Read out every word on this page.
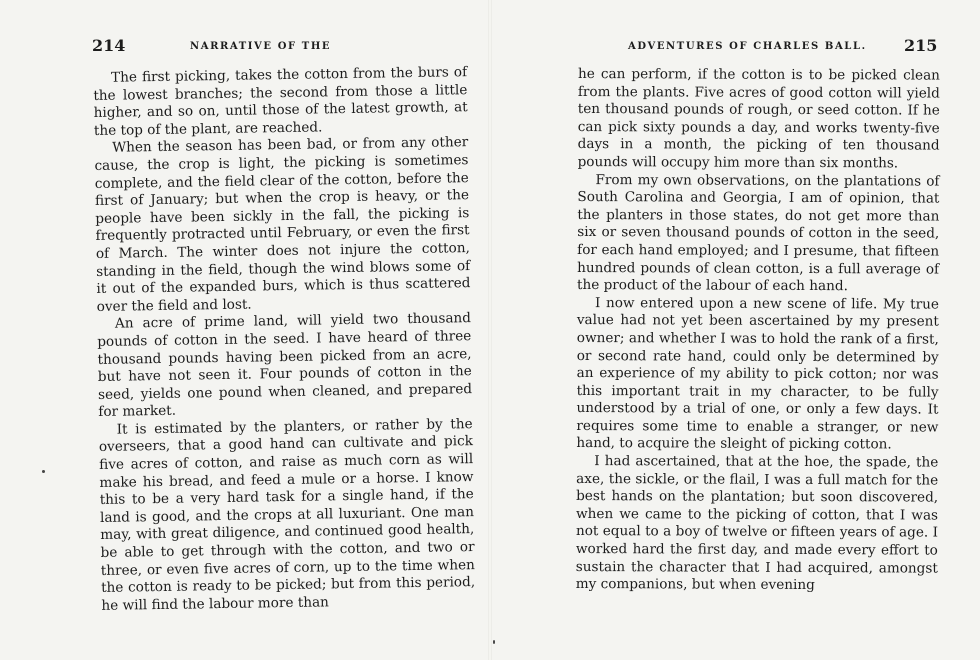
214	NARRATIVE OF THE

The first picking, takes the cotton from the burs of the lowest branches; the second from those a little higher, and so on, until those of the latest growth, at the top of the plant, are reached.

When the season has been bad, or from any other cause, the crop is light, the picking is sometimes complete, and the field clear of the cotton, before the first of January; but when the crop is heavy, or the people have been sickly in the fall, the picking is frequently protracted until February, or even the first of March. The winter does not injure the cotton, standing in the field, though the wind blows some of it out of the expanded burs, which is thus scattered over the field and lost.

An acre of prime land, will yield two thousand pounds of cotton in the seed. I have heard of three thousand pounds having been picked from an acre, but have not seen it. Four pounds of cotton in the seed, yields one pound when cleaned, and prepared for market.

It is estimated by the planters, or rather by the overseers, that a good hand can cultivate and pick five acres of cotton, and raise as much corn as will make his bread, and feed a mule or a horse. I know this to be a very hard task for a single hand, if the land is good, and the crops at all luxuriant. One man may, with great diligence, and continued good health, be able to get through with the cotton, and two or three, or even five acres of corn, up to the time when the cotton is ready to be picked; but from this period, he will find the labour more than

ADVENTURES OF CHARLES BALL. 215

he can perform, if the cotton is to be picked clean from the plants. Five acres of good cotton will yield ten thousand pounds of rough, or seed cotton. If he can pick sixty pounds a day, and works twenty-five days in a month, the picking of ten thousand pounds will occupy him more than six months.

From my own observations, on the plantations of South Carolina and Georgia, I am of opinion, that the planters in those states, do not get more than six or seven thousand pounds of cotton in the seed, for each hand employed; and I presume, that fifteen hundred pounds of clean cotton, is a full average of the product of the labour of each hand.

I now entered upon a new scene of life. My true value had not yet been ascertained by my present owner; and whether I was to hold the rank of a first, or second rate hand, could only be determined by an experience of my ability to pick cotton; nor was this important trait in my character, to be fully understood by a trial of one, or only a few days. It requires some time to enable a stranger, or new hand, to acquire the sleight of picking cotton.

I had ascertained, that at the hoe, the spade, the axe, the sickle, or the flail, I was a full match for the best hands on the plantation; but soon discovered, when we came to the picking of cotton, that I was not equal to a boy of twelve or fifteen years of age. I worked hard the first day, and made every effort to sustain the character that I had acquired, amongst my companions, but when evening
